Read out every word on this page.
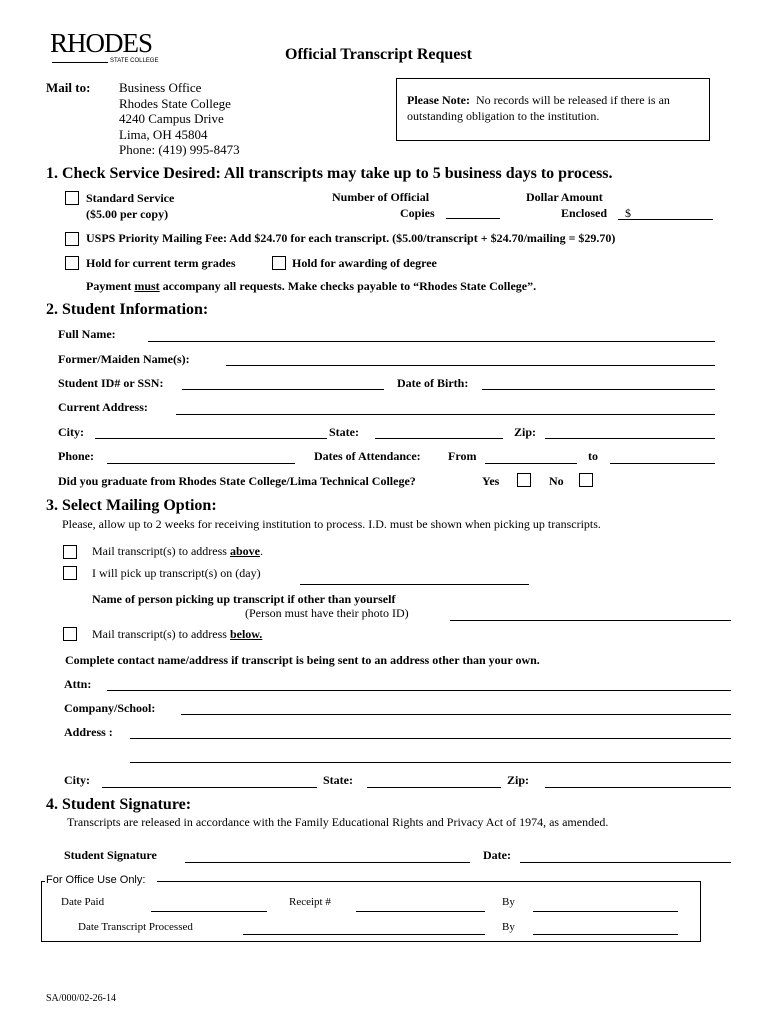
RHODES
STATE COLLEGE	Official Transcript Request
Mail to: Business Office
Rhodes State College
4240 Campus Drive
Lima, OH 45804
Phone: (419) 995-8473
Please Note: No records will be released if there is an
outstanding obligation to the institution.
1. Check Service Desired: All transcripts may take up to 5 business days to process.
Standard Service
($5.00 per copy)
Number of Official
Copies
Dollar Amount
Enclosed $
USPS Priority Mailing Fee: Add $24.70 for each transcript. ($5.00/transcript + $24.70/mailing = $29.70)
Hold for current term grades	Hold for awarding of degree
Payment must accompany all requests. Make checks payable to “Rhodes State College”.
2. Student Information:
Full Name:
Former/Maiden Name(s):
Student ID# or SSN:	Date of Birth:
Current Address:
City:	State:	Zip:
Phone:	Dates of Attendance: From	to
Did you graduate from Rhodes State College/Lima Technical College?	Yes	No
3. Select Mailing Option:
Please, allow up to 2 weeks for receiving institution to process. I.D. must be shown when picking up transcripts.
Mail transcript(s) to address above.
I will pick up transcript(s) on (day)
Name of person picking up transcript if other than yourself
(Person must have their photo ID)
Mail transcript(s) to address below.
Complete contact name/address if transcript is being sent to an address other than your own.
Attn:
Company/School:
Address :
City:	State:	Zip:
4. Student Signature:
Transcripts are released in accordance with the Family Educational Rights and Privacy Act of 1974, as amended.
Student Signature	Date:
For Office Use Only:
Date Paid	Receipt #	By
Date Transcript Processed	By
SA/000/02-26-14
